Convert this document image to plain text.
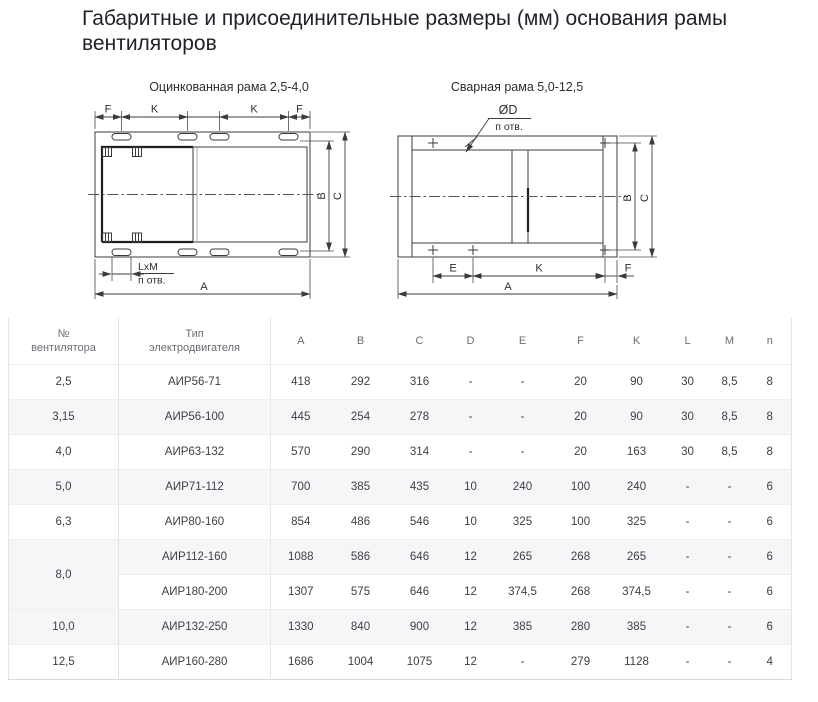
Габаритные и присоединительные размеры (мм) основания рамы вентиляторов
Оцинкованная рама 2,5-4,0
F	K	K	F
B C
LxM
п отв.
A
Сварная рама 5,0-12,5
ØD
п отв.
B C
E	K	F
A
№
вентилятора

Тип
электродвигателя
	A	B	C	D	E	F	K	L	M	n
2,5	АИР56-71	418	292	316	-	-	20	90	30	8,5	8
3,15	АИР56-100	445	254	278	-	-	20	90	30	8,5	8
4,0	АИР63-132	570	290	314	-	-	20	163	30	8,5	8
5,0	АИР71-112	700	385	435	10	240	100	240	-	-	6
6,3	АИР80-160	854	486	546	10	325	100	325	-	-	6
8,0	АИР112-160	1088	586	646	12	265	268	265	-	-	6
	АИР180-200	1307	575	646	12	374,5	268	374,5	-	-	6
10,0	АИР132-250	1330	840	900	12	385	280	385	-	-	6
12,5	АИР160-280	1686	1004	1075	12	-	279	1128	-	-	4
